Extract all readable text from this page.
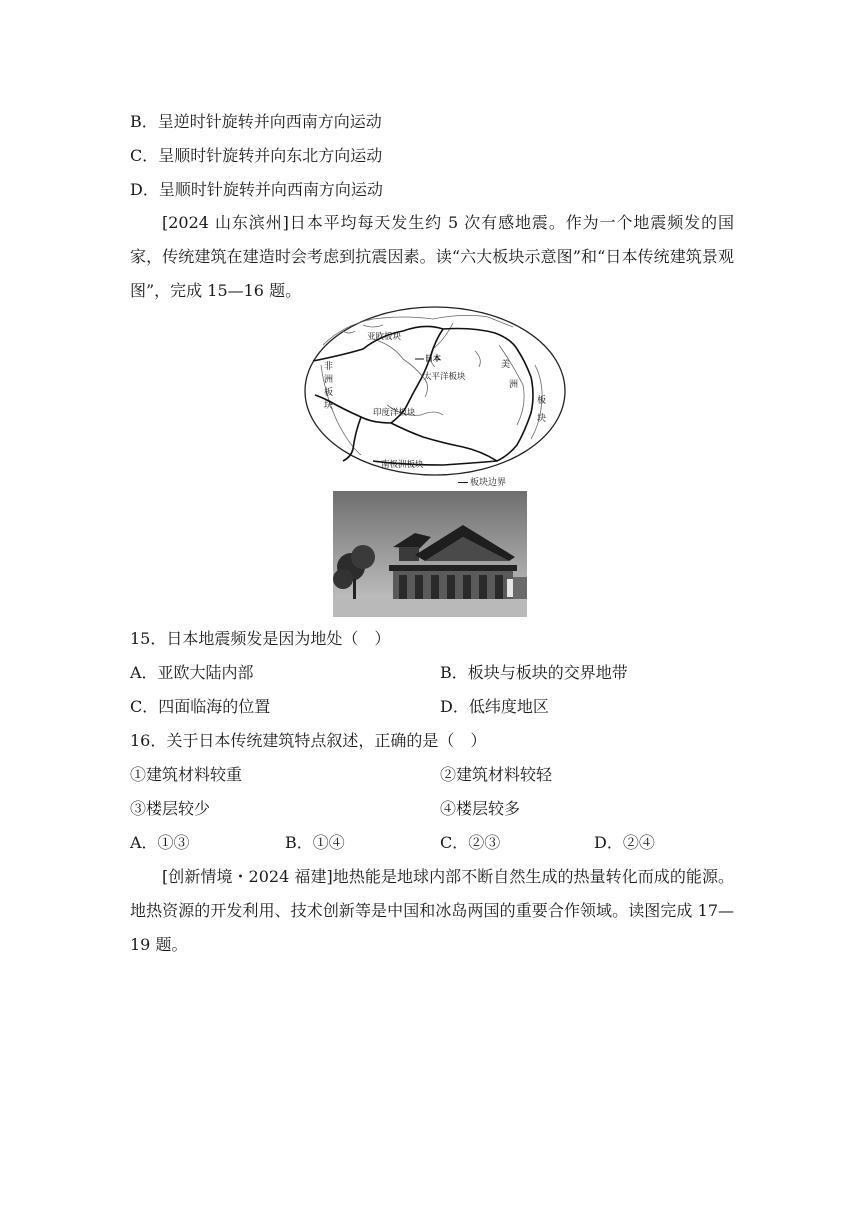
B．呈逆时针旋转并向西南方向运动
C．呈顺时针旋转并向东北方向运动
D．呈顺时针旋转并向西南方向运动
[2024 山东滨州]日本平均每天发生约 5 次有感地震。作为一个地震频发的国家，传统建筑在建造时会考虑到抗震因素。读“六大板块示意图”和“日本传统建筑景观图”，完成 15—16 题。
亚欧板块
日本
太平洋板块
非
洲
板
块
美
洲
板
块
印度洋板块
南极洲板块
板块边界
15．日本地震频发是因为地处（　）
A．亚欧大陆内部	B．板块与板块的交界地带
C．四面临海的位置	D．低纬度地区
16．关于日本传统建筑特点叙述，正确的是（　）
①建筑材料较重	②建筑材料较轻
③楼层较少	④楼层较多
A．①③	B．①④	C．②③	D．②④
[创新情境・2024 福建]地热能是地球内部不断自然生成的热量转化而成的能源。地热资源的开发利用、技术创新等是中国和冰岛两国的重要合作领域。读图完成 17—19 题。
